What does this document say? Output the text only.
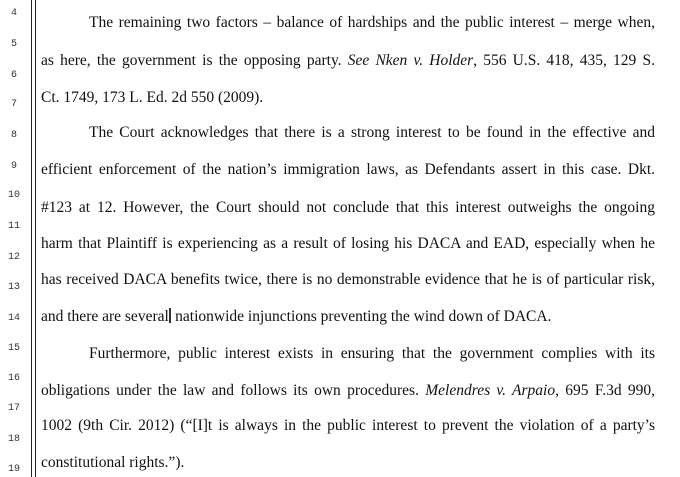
4
5
6
7
8
9
10
11
12
13
14
15
16
17
18
19
The remaining two factors – balance of hardships and the public interest – merge when,
as here, the government is the opposing party. See Nken v. Holder, 556 U.S. 418, 435, 129 S.
Ct. 1749, 173 L. Ed. 2d 550 (2009).
The Court acknowledges that there is a strong interest to be found in the effective and
efficient enforcement of the nation’s immigration laws, as Defendants assert in this case. Dkt.
#123 at 12. However, the Court should not conclude that this interest outweighs the ongoing
harm that Plaintiff is experiencing as a result of losing his DACA and EAD, especially when he
has received DACA benefits twice, there is no demonstrable evidence that he is of particular risk,
and there are several nationwide injunctions preventing the wind down of DACA.
Furthermore, public interest exists in ensuring that the government complies with its
obligations under the law and follows its own procedures. Melendres v. Arpaio, 695 F.3d 990,
1002 (9th Cir. 2012) (“[I]t is always in the public interest to prevent the violation of a party’s
constitutional rights.”).
